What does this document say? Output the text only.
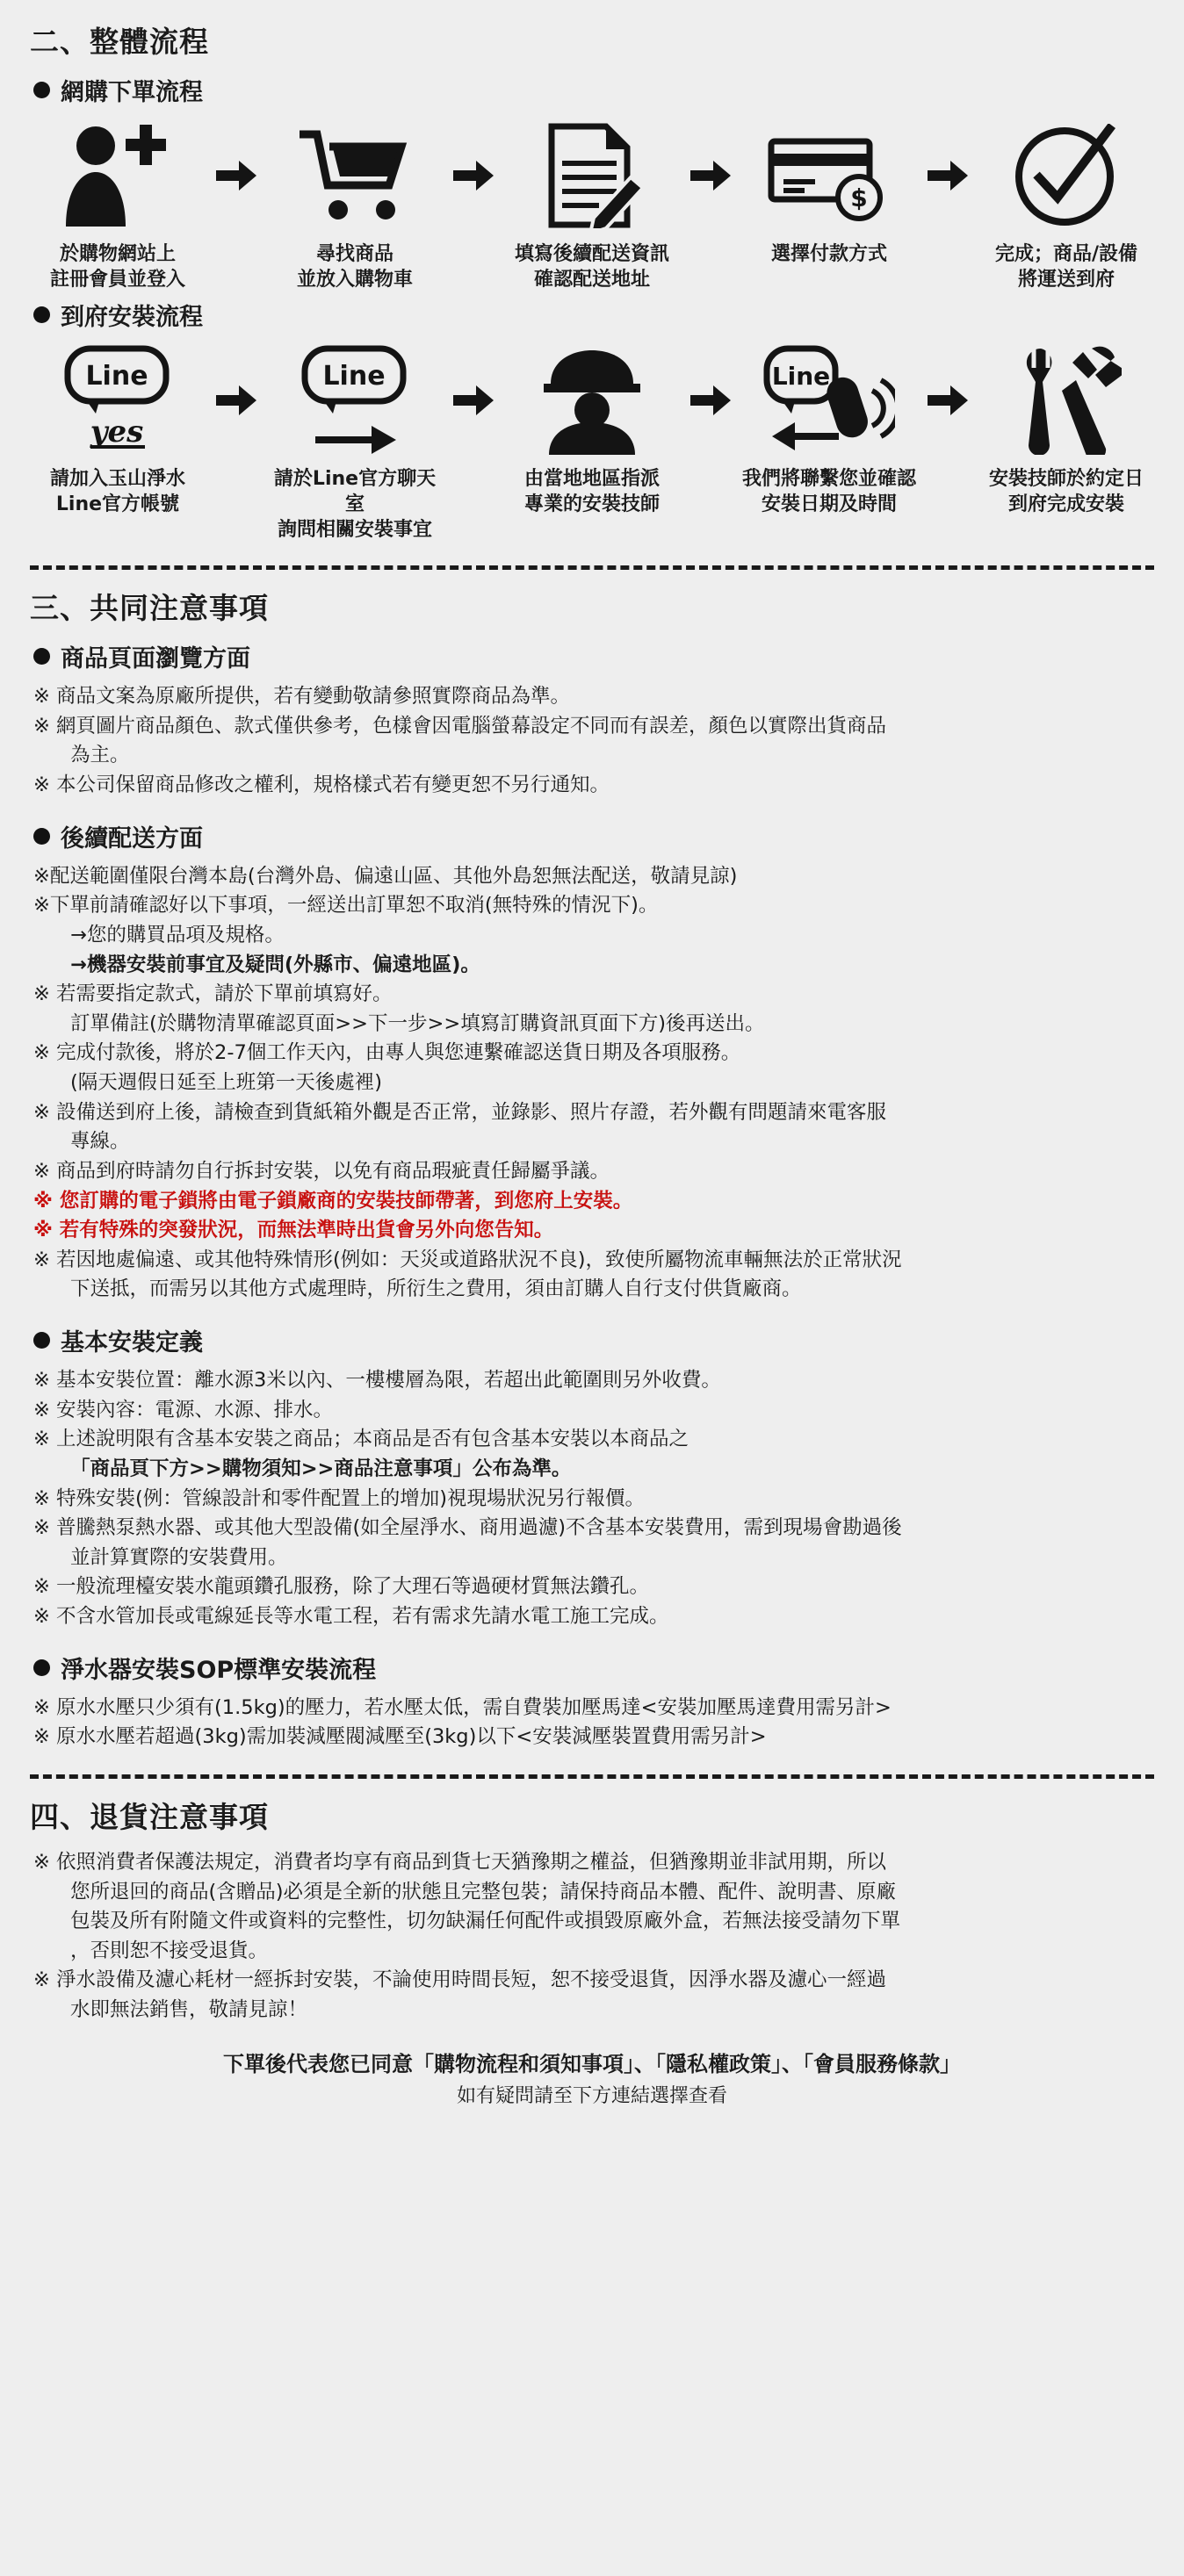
二、整體流程
網購下單流程
於購物網站上
註冊會員並登入
尋找商品
並放入購物車
填寫後續配送資訊
確認配送地址
$
選擇付款方式	完成；商品/設備
將運送到府
到府安裝流程
Line
yes
請加入玉山淨水
Line官方帳號
Line
請於Line官方聊天室
詢問相關安裝事宜
由當地地區指派
專業的安裝技師
Line
我們將聯繫您並確認
安裝日期及時間
安裝技師於約定日
到府完成安裝
三、共同注意事項
商品頁面瀏覽方面
※ 商品文案為原廠所提供，若有變動敬請參照實際商品為準。
※ 網頁圖片商品顏色、款式僅供參考，色樣會因電腦螢幕設定不同而有誤差，顏色以實際出貨商品
為主。
※ 本公司保留商品修改之權利，規格樣式若有變更恕不另行通知。
後續配送方面
※配送範圍僅限台灣本島(台灣外島、偏遠山區、其他外島恕無法配送，敬請見諒)
※下單前請確認好以下事項，一經送出訂單恕不取消(無特殊的情況下)。
→您的購買品項及規格。
→機器安裝前事宜及疑問(外縣市、偏遠地區)。
※ 若需要指定款式，請於下單前填寫好。
訂單備註(於購物清單確認頁面>>下一步>>填寫訂購資訊頁面下方)後再送出。
※ 完成付款後，將於2-7個工作天內，由專人與您連繫確認送貨日期及各項服務。
(隔天週假日延至上班第一天後處裡)
※ 設備送到府上後，請檢查到貨紙箱外觀是否正常，並錄影、照片存證，若外觀有問題請來電客服
專線。
※ 商品到府時請勿自行拆封安裝，以免有商品瑕疵責任歸屬爭議。
※ 您訂購的電子鎖將由電子鎖廠商的安裝技師帶著，到您府上安裝。
※ 若有特殊的突發狀況，而無法準時出貨會另外向您告知。
※ 若因地處偏遠、或其他特殊情形(例如：天災或道路狀況不良)，致使所屬物流車輛無法於正常狀況
下送抵，而需另以其他方式處理時，所衍生之費用，須由訂購人自行支付供貨廠商。
基本安裝定義
※ 基本安裝位置：離水源3米以內、一樓樓層為限，若超出此範圍則另外收費。
※ 安裝內容：電源、水源、排水。
※ 上述說明限有含基本安裝之商品；本商品是否有包含基本安裝以本商品之
「商品頁下方>>購物須知>>商品注意事項」公布為準。
※ 特殊安裝(例：管線設計和零件配置上的增加)視現場狀況另行報價。
※ 普騰熱泵熱水器、或其他大型設備(如全屋淨水、商用過濾)不含基本安裝費用，需到現場會勘過後
並計算實際的安裝費用。
※ 一般流理檯安裝水龍頭鑽孔服務，除了大理石等過硬材質無法鑽孔。
※ 不含水管加長或電線延長等水電工程，若有需求先請水電工施工完成。
淨水器安裝SOP標準安裝流程
※ 原水水壓只少須有(1.5kg)的壓力，若水壓太低，需自費裝加壓馬達<安裝加壓馬達費用需另計>
※ 原水水壓若超過(3kg)需加裝減壓閥減壓至(3kg)以下<安裝減壓裝置費用需另計>
四、退貨注意事項
※ 依照消費者保護法規定，消費者均享有商品到貨七天猶豫期之權益，但猶豫期並非試用期，所以
您所退回的商品(含贈品)必須是全新的狀態且完整包裝；請保持商品本體、配件、說明書、原廠
包裝及所有附隨文件或資料的完整性，切勿缺漏任何配件或損毀原廠外盒，若無法接受請勿下單
，否則恕不接受退貨。
※ 淨水設備及濾心耗材一經拆封安裝，不論使用時間長短，恕不接受退貨，因淨水器及濾心一經過
水即無法銷售，敬請見諒！
下單後代表您已同意「購物流程和須知事項」、「隱私權政策」、「會員服務條款」
如有疑問請至下方連結選擇查看
